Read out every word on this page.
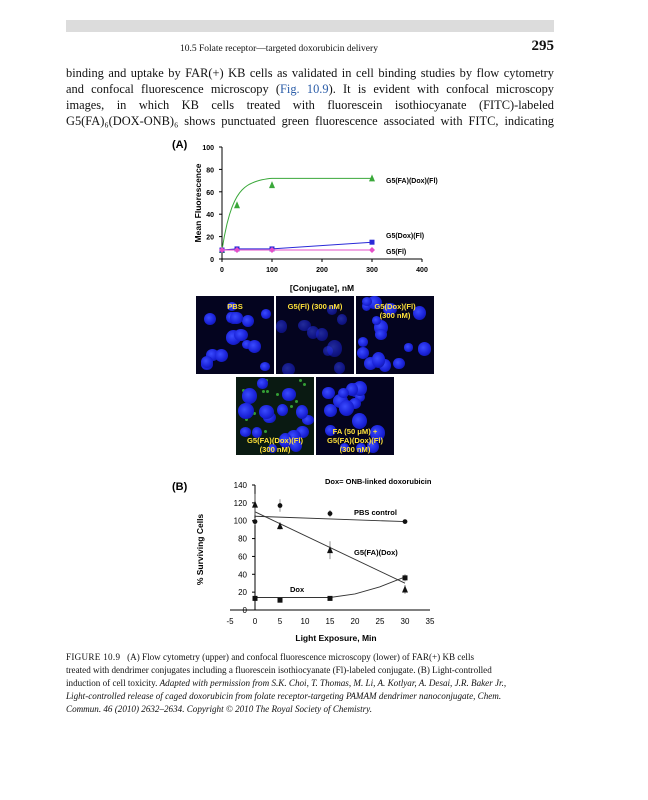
10.5 Folate receptor—targeted doxorubicin delivery	295
binding and uptake by FAR(+) KB cells as validated in cell binding studies by flow cytometry
and confocal fluorescence microscopy (Fig. 10.9). It is evident with confocal microscopy
images, in which KB cells treated with fluorescein isothiocyanate (FITC)-labeled
G5(FA)₆(DOX-ONB)₆ shows punctuated green fluorescence associated with FITC, indicating
(A)
0
20
40
60
80
100
0	100	200	300	400
[Conjugate], nM
Mean Fluorescence	G5(FA)(Dox)(Fl)
G5(Dox)(Fl)
G5(Fl)
PBS	G5(Fl) (300 nM)	G5(Dox)(Fl)
(300 nM)
G5(FA)(Dox)(Fl)
(300 nM)
FA (50 μM) +
G5(FA)(Dox)(Fl)
(300 nM)
(B)
0
20
40
60
80
100
120
140
-5 0	5 10 15 20 25 30 35
Light Exposure, Min
% Surviving Cells
Dox= ONB-linked doxorubicin
PBS control
G5(FA)(Dox)
Dox
FIGURE 10.9 (A) Flow cytometry (upper) and confocal fluorescence microscopy (lower) of FAR(+) KB cells
treated with dendrimer conjugates including a fluorescein isothiocyanate (Fl)-labeled conjugate. (B) Light-controlled
induction of cell toxicity. Adapted with permission from S.K. Choi, T. Thomas, M. Li, A. Kotlyar, A. Desai, J.R. Baker Jr.,
Light-controlled release of caged doxorubicin from folate receptor-targeting PAMAM dendrimer nanoconjugate, Chem.
Commun. 46 (2010) 2632–2634. Copyright © 2010 The Royal Society of Chemistry.
